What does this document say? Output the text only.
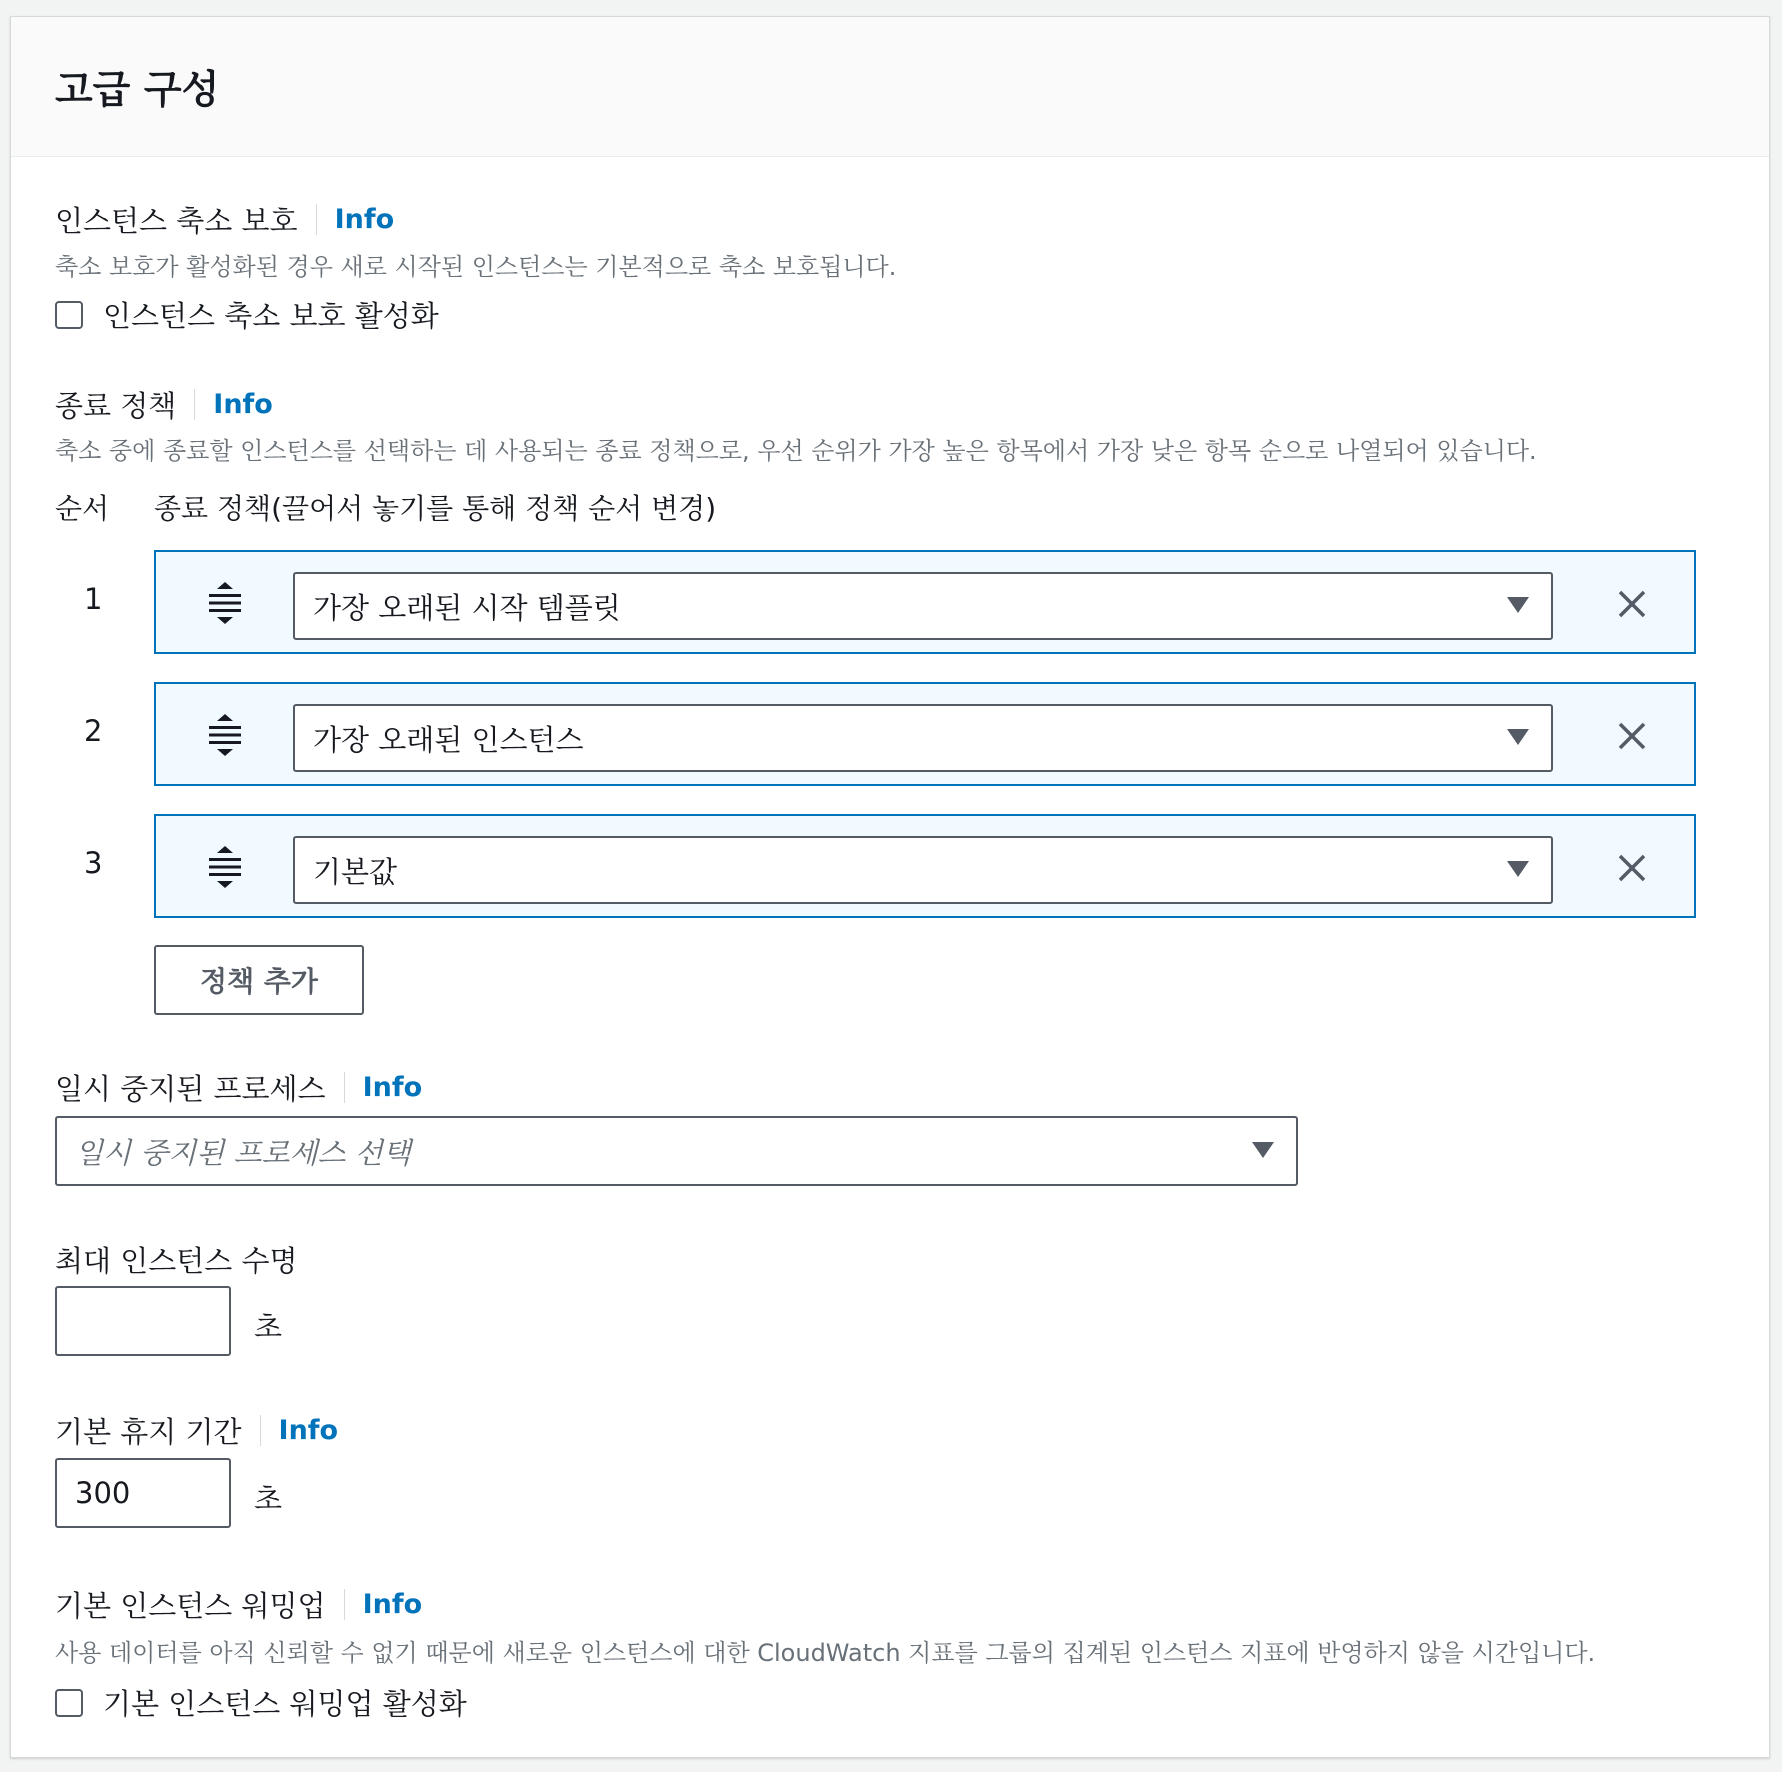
고급 구성
인스턴스 축소 보호	Info
축소 보호가 활성화된 경우 새로 시작된 인스턴스는 기본적으로 축소 보호됩니다.
인스턴스 축소 보호 활성화
종료 정책	Info
축소 중에 종료할 인스턴스를 선택하는 데 사용되는 종료 정책으로, 우선 순위가 가장 높은 항목에서 가장 낮은 항목 순으로 나열되어 있습니다.
순서 종료 정책(끌어서 놓기를 통해 정책 순서 변경)
1	가장 오래된 시작 템플릿
2	가장 오래된 인스턴스
3	기본값
정책 추가
일시 중지된 프로세스	Info
일시 중지된 프로세스 선택
최대 인스턴스 수명
초
기본 휴지 기간	Info
300
초
기본 인스턴스 워밍업	Info
사용 데이터를 아직 신뢰할 수 없기 때문에 새로운 인스턴스에 대한 CloudWatch 지표를 그룹의 집계된 인스턴스 지표에 반영하지 않을 시간입니다.
기본 인스턴스 워밍업 활성화
